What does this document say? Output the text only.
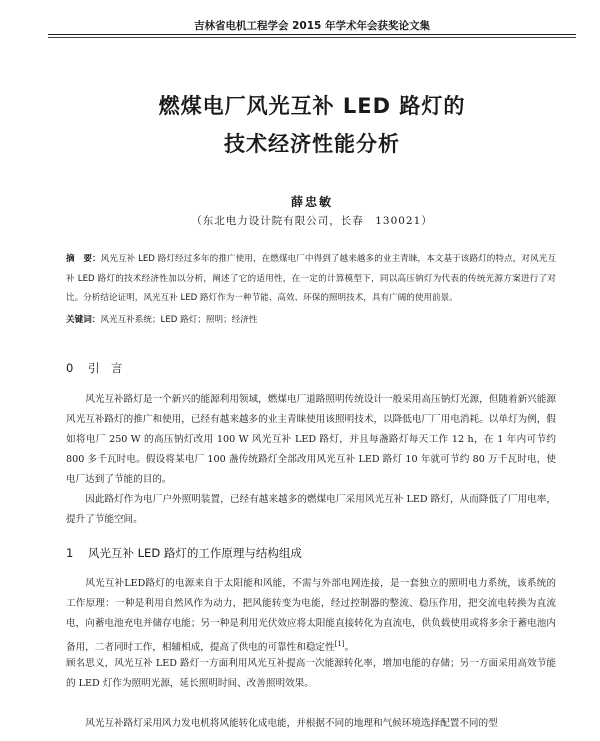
吉林省电机工程学会 2015 年学术年会获奖论文集
燃煤电厂风光互补 LED 路灯的
技术经济性能分析
薛忠敏
（东北电力设计院有限公司，长春　130021）
摘　要：风光互补 LED 路灯经过多年的推广使用，在燃煤电厂中得到了越来越多的业主青睐，本文基于该路灯的特点，对风光互补 LED 路灯的技术经济性加以分析，阐述了它的适用性，在一定的计算模型下，同以高压钠灯为代表的传统光源方案进行了对比。分析结论证明，风光互补 LED 路灯作为一种节能、高效、环保的照明技术，具有广阔的使用前景。
关键词：风光互补系统；LED 路灯；照明；经济性
0 引　言
风光互补路灯是一个新兴的能源利用领域，燃煤电厂道路照明传统设计一般采用高压钠灯光源，但随着新兴能源风光互补路灯的推广和使用，已经有越来越多的业主青睐使用该照明技术，以降低电厂厂用电消耗。以单灯为例，假如将电厂 250 W 的高压钠灯改用 100 W 风光互补 LED 路灯，并且每盏路灯每天工作 12 h，在 1 年内可节约 800 多千瓦时电。假设将某电厂 100 盏传统路灯全部改用风光互补 LED 路灯 10 年就可节约 80 万千瓦时电，使电厂达到了节能的目的。
因此路灯作为电厂户外照明装置，已经有越来越多的燃煤电厂采用风光互补 LED 路灯，从而降低了厂用电率，提升了节能空间。
1 风光互补 LED 路灯的工作原理与结构组成
风光互补LED路灯的电源来自于太阳能和风能，不需与外部电网连接，是一套独立的照明电力系统，该系统的工作原理：一种是利用自然风作为动力，把风能转变为电能，经过控制器的整流、稳压作用，把交流电转换为直流电，向蓄电池充电并储存电能；另一种是利用光伏效应将太阳能直接转化为直流电，供负载使用或将多余于蓄电池内备用，二者同时工作，相辅相成，提高了供电的可靠性和稳定性[1]。
顾名思义，风光互补 LED 路灯一方面利用风光互补提高一次能源转化率，增加电能的存储；另一方面采用高效节能的 LED 灯作为照明光源，延长照明时间、改善照明效果。
风光互补路灯采用风力发电机将风能转化成电能，并根据不同的地理和气候环境选择配置不同的型
